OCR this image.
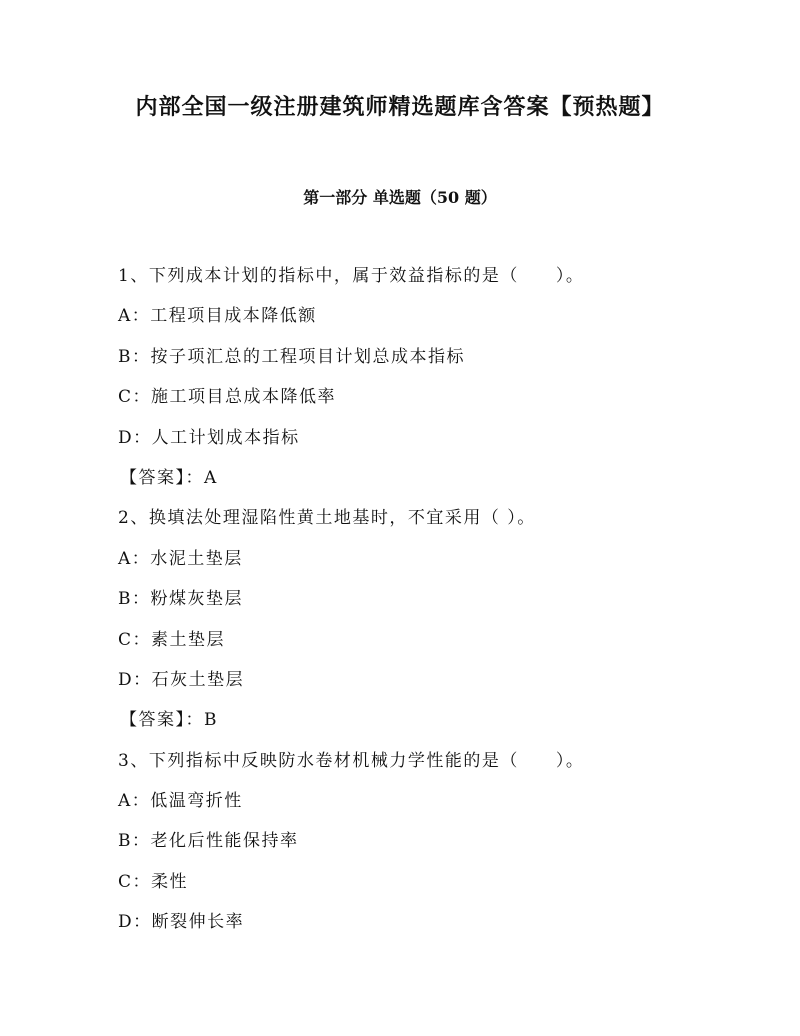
内部全国一级注册建筑师精选题库含答案【预热题】
第一部分 单选题（50 题）
1、下列成本计划的指标中，属于效益指标的是（　　）。
A：工程项目成本降低额
B：按子项汇总的工程项目计划总成本指标
C：施工项目总成本降低率
D：人工计划成本指标
【答案】：A
2、换填法处理湿陷性黄土地基时，不宜采用（ ）。
A：水泥土垫层
B：粉煤灰垫层
C：素土垫层
D：石灰土垫层
【答案】：B
3、下列指标中反映防水卷材机械力学性能的是（　　）。
A：低温弯折性
B：老化后性能保持率
C：柔性
D：断裂伸长率
